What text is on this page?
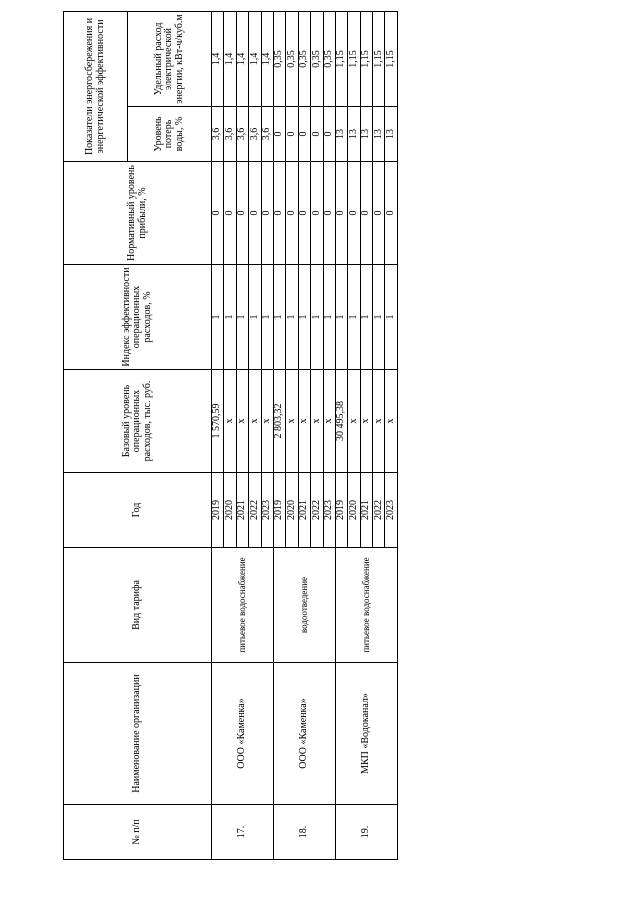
№ п/п	Наименование организации	Вид тарифа	Год	Базовый уровень операционных расходов, тыс. руб.	Индекс эффективности операционных расходов, %	Нормативный уровень прибыли, %	Показатели энергосбережения и энергетической эффективности	
							Уровень потерь воды, %	Удельный расход электрической энергии, кВт-ч/куб.м
17.	ООО «Каменка»	питьевое водоснабжение	2019	1 570,59	1	0	3,6	1,4
			2020	х	1	0	3,6	1,4
			2021	х	1	0	3,6	1,4
			2022	х	1	0	3,6	1,4
			2023	х	1	0	3,6	1,4
18.	ООО «Каменка»	водоотведение	2019	2 803,32	1	0	0	0,35
			2020	х	1	0	0	0,35
			2021	х	1	0	0	0,35
			2022	х	1	0	0	0,35
			2023	х	1	0	0	0,35
19.	МКП «Водоканал»	питьевое водоснабжение	2019	30 495,38	1	0	13	1,15
			2020	х	1	0	13	1,15
			2021	х	1	0	13	1,15
			2022	х	1	0	13	1,15
			2023	х	1	0	13	1,15
